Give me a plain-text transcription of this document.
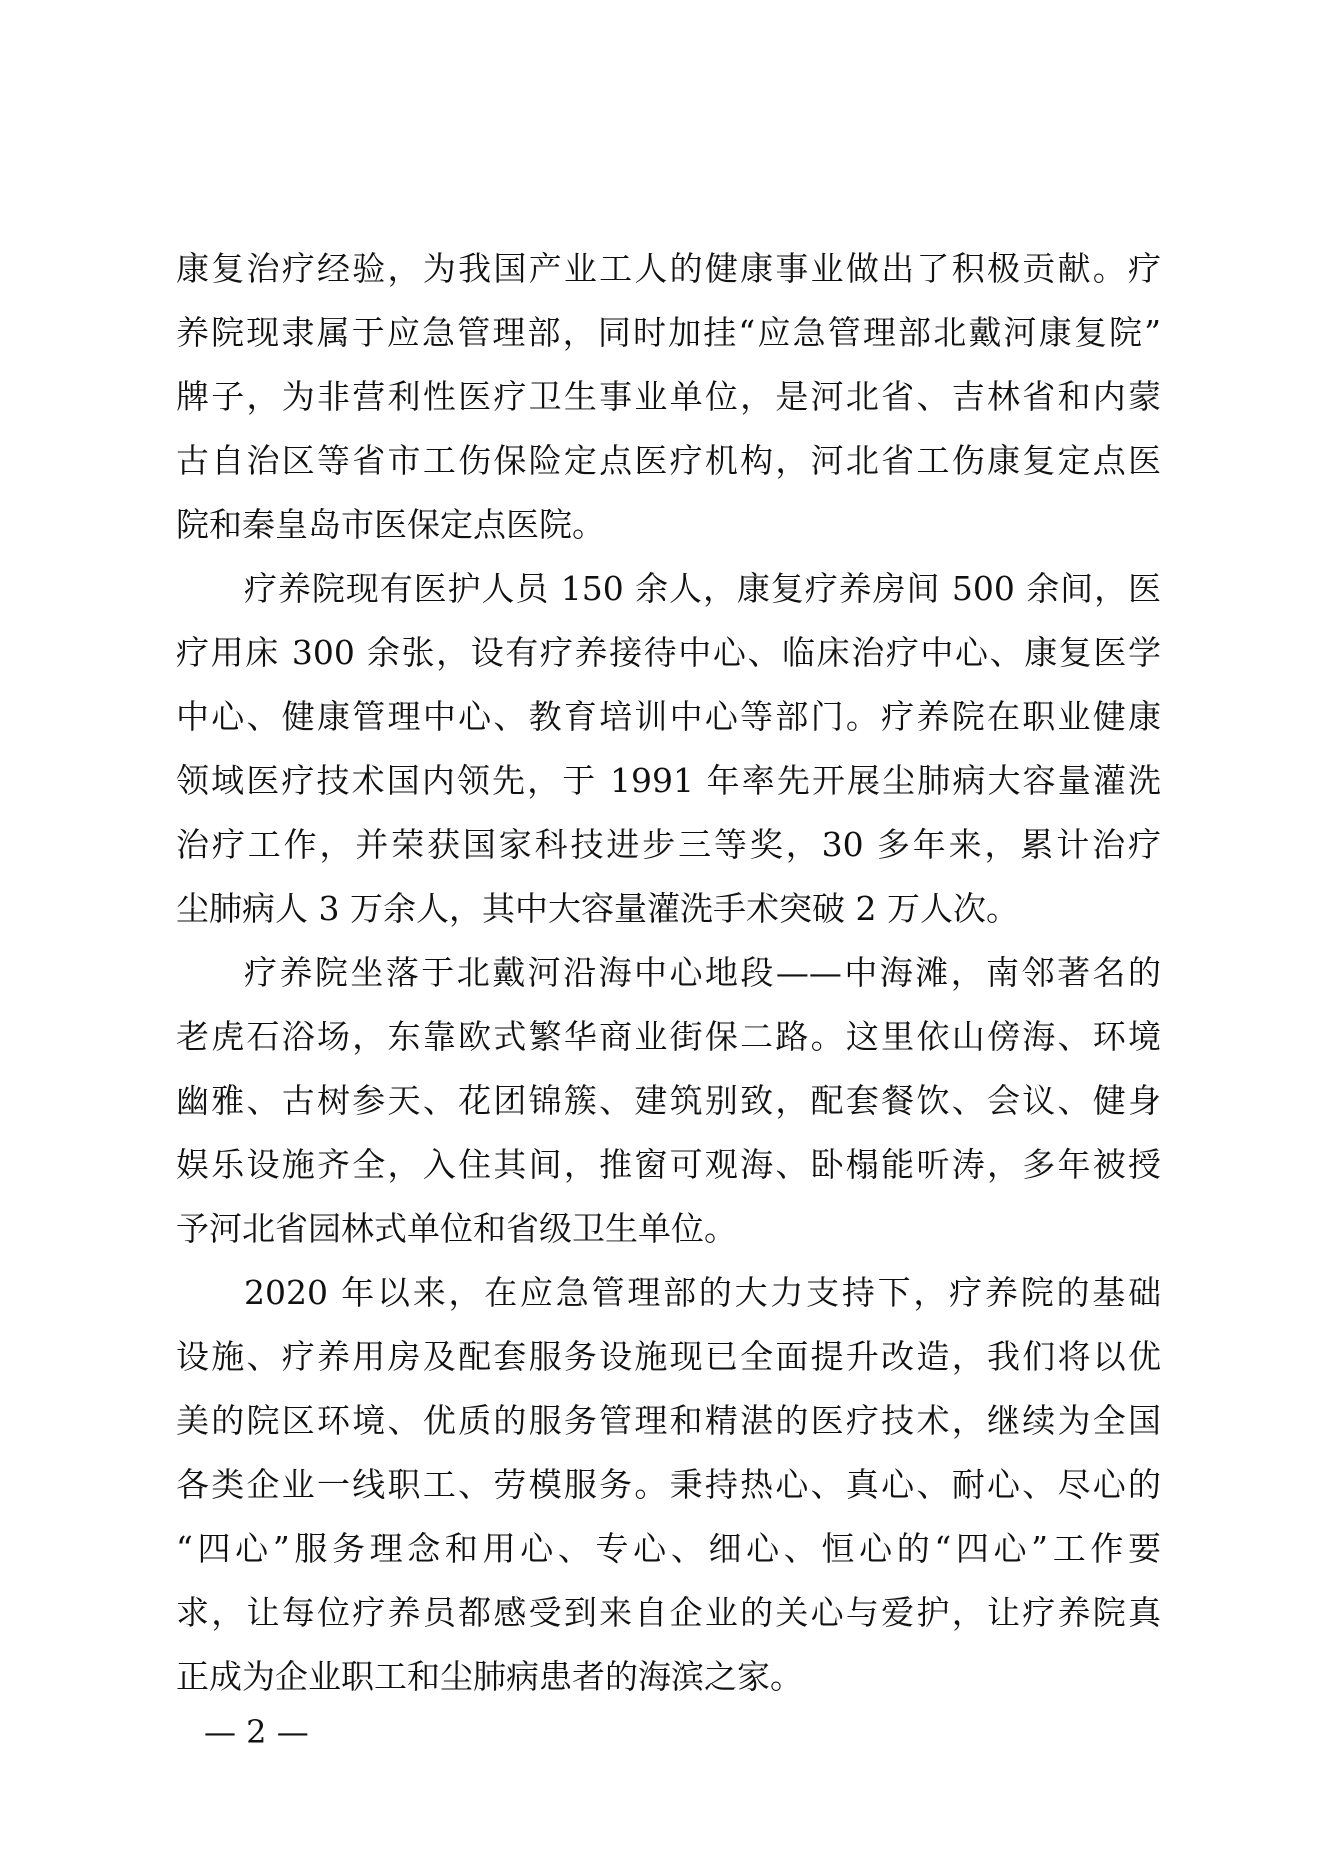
康复治疗经验，为我国产业工人的健康事业做出了积极贡献。疗
养院现隶属于应急管理部，同时加挂“应急管理部北戴河康复院”
牌子，为非营利性医疗卫生事业单位，是河北省、吉林省和内蒙
古自治区等省市工伤保险定点医疗机构，河北省工伤康复定点医
院和秦皇岛市医保定点医院。
疗养院现有医护人员 150 余人，康复疗养房间 500 余间，医
疗用床 300 余张，设有疗养接待中心、临床治疗中心、康复医学
中心、健康管理中心、教育培训中心等部门。疗养院在职业健康
领域医疗技术国内领先，于 1991 年率先开展尘肺病大容量灌洗
治疗工作，并荣获国家科技进步三等奖，30 多年来，累计治疗
尘肺病人 3 万余人，其中大容量灌洗手术突破 2 万人次。
疗养院坐落于北戴河沿海中心地段——中海滩，南邻著名的
老虎石浴场，东靠欧式繁华商业街保二路。这里依山傍海、环境
幽雅、古树参天、花团锦簇、建筑别致，配套餐饮、会议、健身
娱乐设施齐全，入住其间，推窗可观海、卧榻能听涛，多年被授
予河北省园林式单位和省级卫生单位。
2020 年以来，在应急管理部的大力支持下，疗养院的基础
设施、疗养用房及配套服务设施现已全面提升改造，我们将以优
美的院区环境、优质的服务管理和精湛的医疗技术，继续为全国
各类企业一线职工、劳模服务。秉持热心、真心、耐心、尽心的
“四心”服务理念和用心、专心、细心、恒心的“四心”工作要
求，让每位疗养员都感受到来自企业的关心与爱护，让疗养院真
正成为企业职工和尘肺病患者的海滨之家。
— 2 —
